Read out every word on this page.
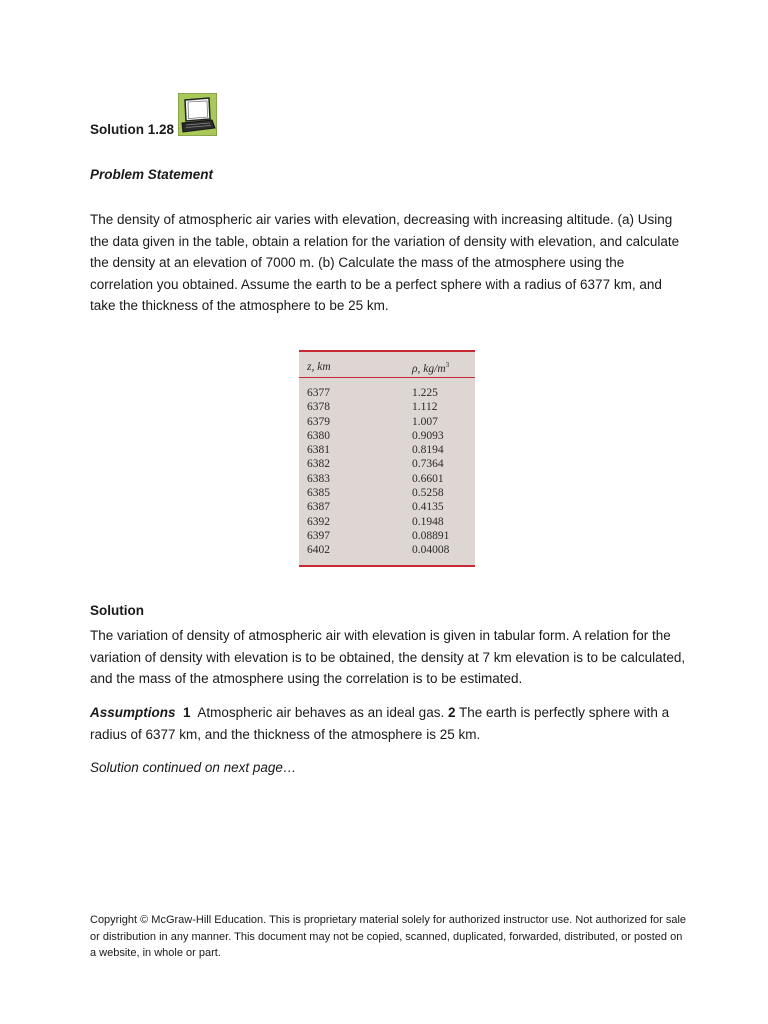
Solution 1.28
Problem Statement

The density of atmospheric air varies with elevation, decreasing with increasing altitude. (a) Using the data given in the table, obtain a relation for the variation of density with elevation, and calculate the density at an elevation of 7000 m. (b) Calculate the mass of the atmosphere using the correlation you obtained. Assume the earth to be a perfect sphere with a radius of 6377 km, and take the thickness of the atmosphere to be 25 km.

z, km	ρ, $kg/m^3$
6377	1.225
6378	1.112
6379	1.007
6380	0.9093
6381	0.8194
6382	0.7364
6383	0.6601
6385	0.5258
6387	0.4135
6392	0.1948
6397	0.08891
6402	0.04008
Solution

The variation of density of atmospheric air with elevation is given in tabular form. A relation for the variation of density with elevation is to be obtained, the density at 7 km elevation is to be calculated, and the mass of the atmosphere using the correlation is to be estimated.

Assumptions 1 Atmospheric air behaves as an ideal gas. 2 The earth is perfectly sphere with a radius of 6377 km, and the thickness of the atmosphere is 25 km.

Solution continued on next page…

Copyright © McGraw-Hill Education. This is proprietary material solely for authorized instructor use. Not authorized for sale or distribution in any manner. This document may not be copied, scanned, duplicated, forwarded, distributed, or posted on a website, in whole or part.
